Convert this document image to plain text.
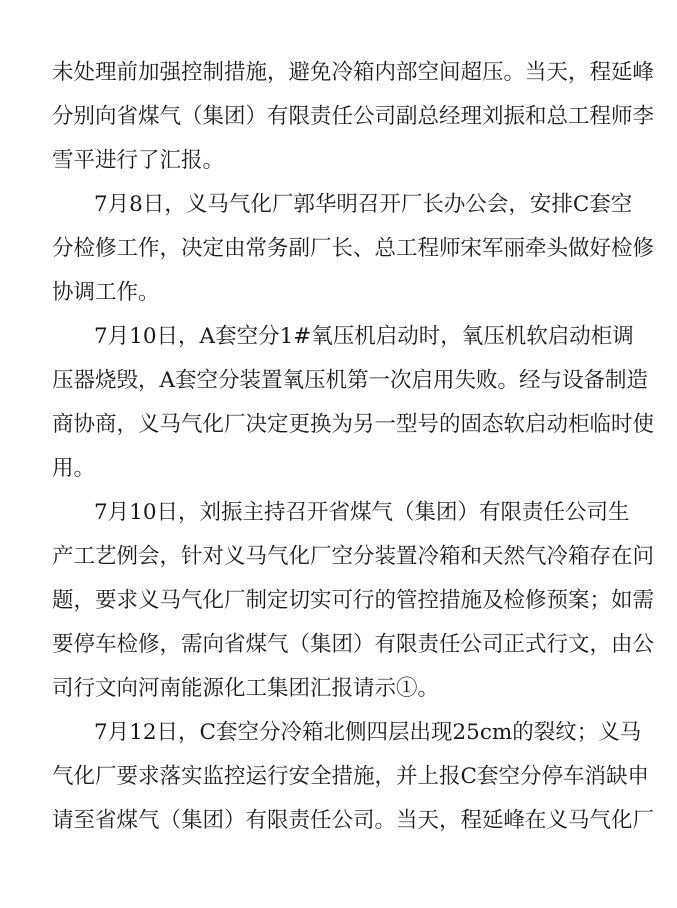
未处理前加强控制措施，避免冷箱内部空间超压。当天，程延峰
分别向省煤气（集团）有限责任公司副总经理刘振和总工程师李
雪平进行了汇报。
7月8日，义马气化厂郭华明召开厂长办公会，安排C套空
分检修工作，决定由常务副厂长、总工程师宋军丽牵头做好检修
协调工作。
7月10日，A套空分1#氧压机启动时，氧压机软启动柜调
压器烧毁，A套空分装置氧压机第一次启用失败。经与设备制造
商协商，义马气化厂决定更换为另一型号的固态软启动柜临时使
用。
7月10日，刘振主持召开省煤气（集团）有限责任公司生
产工艺例会，针对义马气化厂空分装置冷箱和天然气冷箱存在问
题，要求义马气化厂制定切实可行的管控措施及检修预案；如需
要停车检修，需向省煤气（集团）有限责任公司正式行文，由公
司行文向河南能源化工集团汇报请示①。
7月12日，C套空分冷箱北侧四层出现25cm的裂纹；义马
气化厂要求落实监控运行安全措施，并上报C套空分停车消缺申
请至省煤气（集团）有限责任公司。当天，程延峰在义马气化厂
